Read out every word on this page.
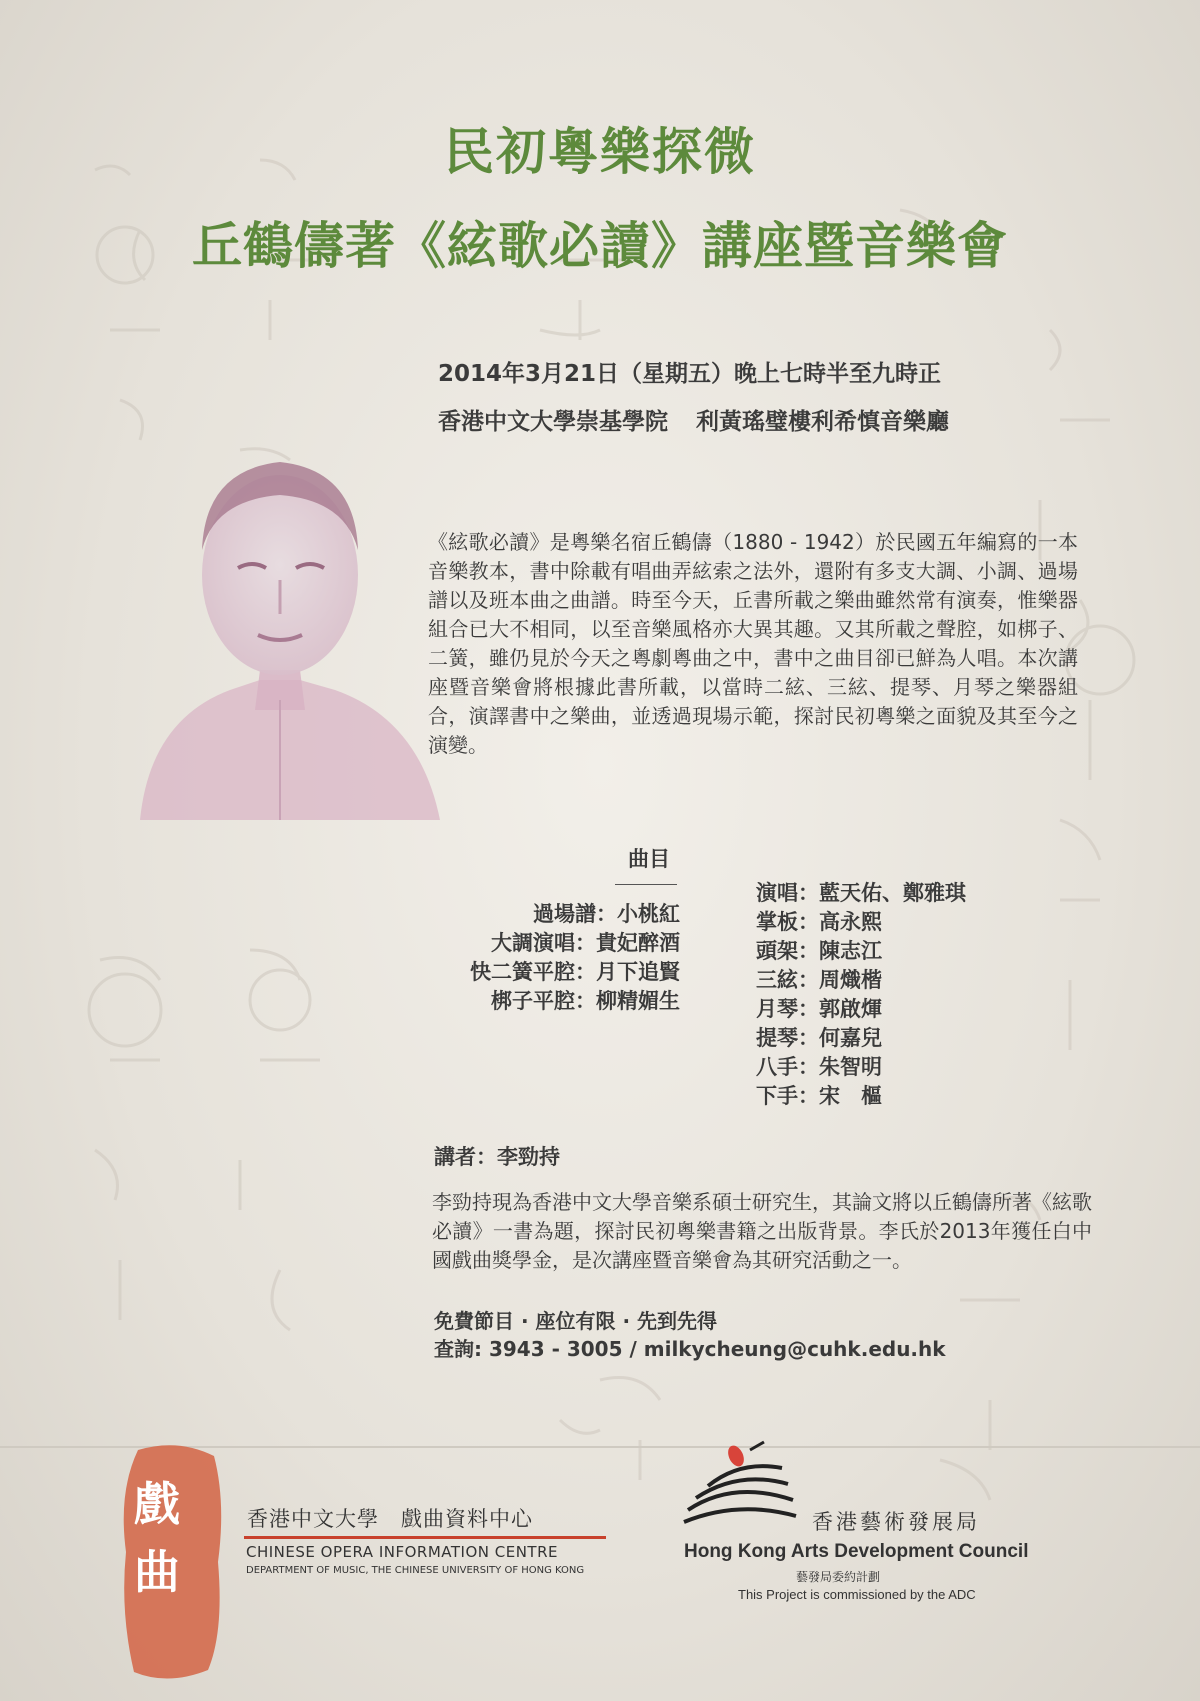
民初粵樂探微
丘鶴儔著《絃歌必讀》講座暨音樂會
2014年3月21日（星期五）晚上七時半至九時正
香港中文大學崇基學院 利黃瑤璧樓利希慎音樂廳
《絃歌必讀》是粵樂名宿丘鶴儔（1880 - 1942）於民國五年編寫的一本音樂教本，書中除載有唱曲弄絃索之法外，還附有多支大調、小調、過場譜以及班本曲之曲譜。時至今天，丘書所載之樂曲雖然常有演奏，惟樂器組合已大不相同，以至音樂風格亦大異其趣。又其所載之聲腔，如梆子、二簧，雖仍見於今天之粵劇粵曲之中，書中之曲目卻已鮮為人唱。本次講座暨音樂會將根據此書所載，以當時二絃、三絃、提琴、月琴之樂器組合，演譯書中之樂曲，並透過現場示範，探討民初粵樂之面貌及其至今之演變。
曲目
過場譜：小桃紅
大調演唱：貴妃醉酒
快二簧平腔：月下追賢
梆子平腔：柳精媚生
演唱：藍天佑、鄭雅琪
掌板：高永熙
頭架：陳志江
三絃：周熾楷
月琴：郭啟煇
提琴：何嘉兒
八手：朱智明
下手：宋　樞
講者：李勁持
李勁持現為香港中文大學音樂系碩士研究生，其論文將以丘鶴儔所著《絃歌必讀》一書為題，探討民初粵樂書籍之出版背景。李氏於2013年獲任白中國戲曲獎學金，是次講座暨音樂會為其研究活動之一。
免費節目 · 座位有限 · 先到先得
查詢: 3943 - 3005 / milkycheung@cuhk.edu.hk
戲
曲
香港中文大學 戲曲資料中心
CHINESE OPERA INFORMATION CENTRE
DEPARTMENT OF MUSIC, THE CHINESE UNIVERSITY OF HONG KONG
香港藝術發展局
Hong Kong Arts Development Council
藝發局委約計劃
This Project is commissioned by the ADC
